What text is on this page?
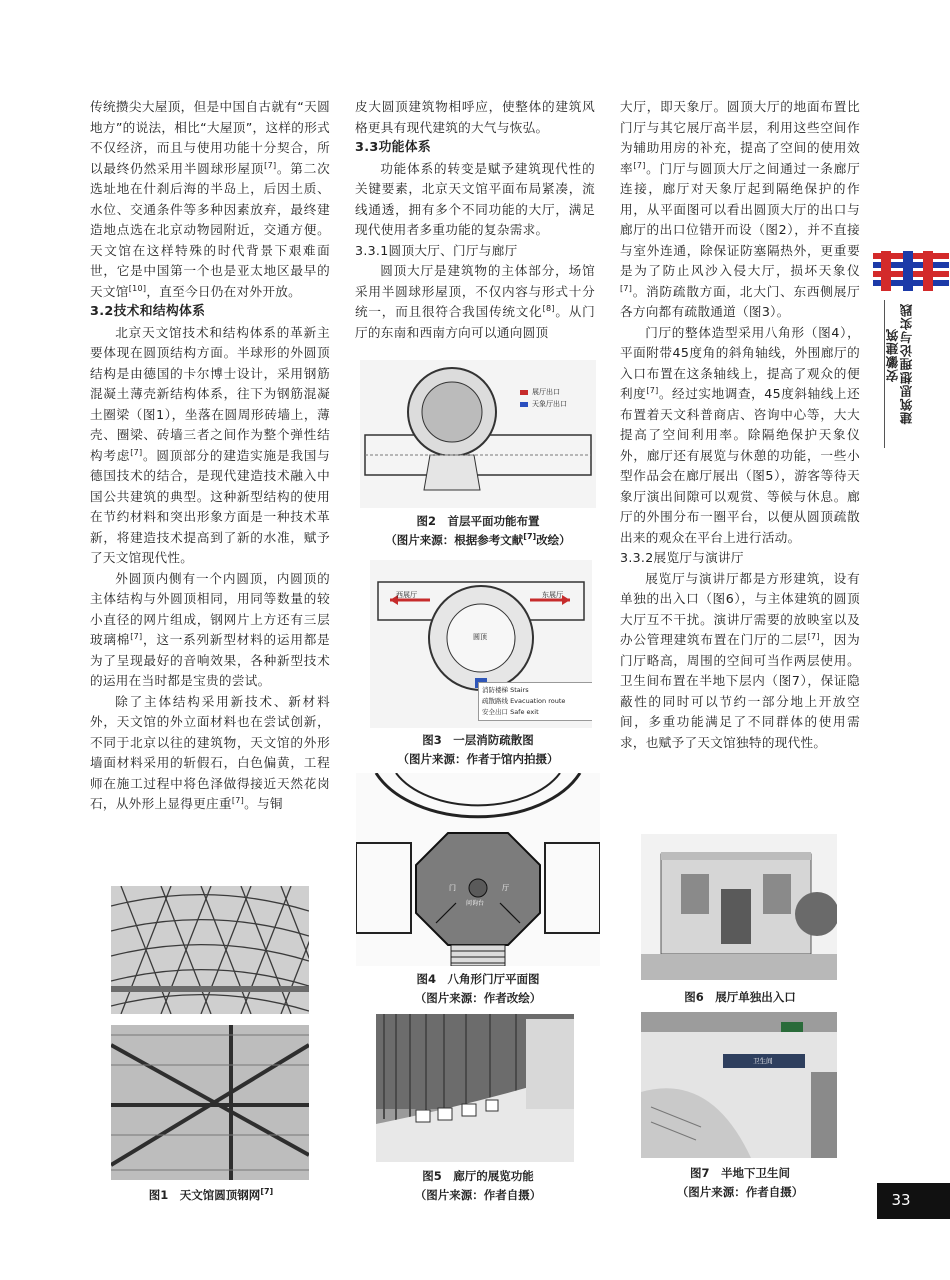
传统攒尖大屋顶，但是中国自古就有“天圆地方”的说法，相比“大屋顶”，这样的形式不仅经济，而且与使用功能十分契合，所以最终仍然采用半圆球形屋顶[7]。第二次选址地在什刹后海的半岛上，后因土质、水位、交通条件等多种因素放弃，最终建造地点选在北京动物园附近，交通方便。天文馆在这样特殊的时代背景下艰难面世，它是中国第一个也是亚太地区最早的天文馆[10]，直至今日仍在对外开放。

3.2技术和结构体系

北京天文馆技术和结构体系的革新主要体现在圆顶结构方面。半球形的外圆顶结构是由德国的卡尔博士设计，采用钢筋混凝土薄壳新结构体系，往下为钢筋混凝土圈梁（图1），坐落在圆周形砖墙上，薄壳、圈梁、砖墙三者之间作为整个弹性结构考虑[7]。圆顶部分的建造实施是我国与德国技术的结合，是现代建造技术融入中国公共建筑的典型。这种新型结构的使用在节约材料和突出形象方面是一种技术革新，将建造技术提高到了新的水准，赋予了天文馆现代性。

外圆顶内侧有一个内圆顶，内圆顶的主体结构与外圆顶相同，用同等数量的较小直径的网片组成，钢网片上方还有三层玻璃棉[7]，这一系列新型材料的运用都是为了呈现最好的音响效果，各种新型技术的运用在当时都是宝贵的尝试。

除了主体结构采用新技术、新材料外，天文馆的外立面材料也在尝试创新，不同于北京以往的建筑物，天文馆的外形墙面材料采用的斩假石，白色偏黄，工程师在施工过程中将色泽做得接近天然花岗石，从外形上显得更庄重[7]。与铜

皮大圆顶建筑物相呼应，使整体的建筑风格更具有现代建筑的大气与恢弘。

3.3功能体系

功能体系的转变是赋予建筑现代性的关键要素，北京天文馆平面布局紧凑，流线通透，拥有多个不同功能的大厅，满足现代使用者多重功能的复杂需求。

3.3.1圆顶大厅、门厅与廊厅

圆顶大厅是建筑物的主体部分，场馆采用半圆球形屋顶，不仅内容与形式十分统一，而且很符合我国传统文化[8]。从门厅的东南和西南方向可以通向圆顶

大厅，即天象厅。圆顶大厅的地面布置比门厅与其它展厅高半层，利用这些空间作为辅助用房的补充，提高了空间的使用效率[7]。门厅与圆顶大厅之间通过一条廊厅连接，廊厅对天象厅起到隔绝保护的作用，从平面图可以看出圆顶大厅的出口与廊厅的出口位错开而设（图2），并不直接与室外连通，除保证防塞隔热外，更重要是为了防止风沙入侵大厅，损坏天象仪[7]。消防疏散方面，北大门、东西侧展厅各方向都有疏散通道（图3）。

门厅的整体造型采用八角形（图4），平面附带45度角的斜角轴线，外围廊厅的入口布置在这条轴线上，提高了观众的便利度[7]。经过实地调查，45度斜轴线上还布置着天文科普商店、咨询中心等，大大提高了空间利用率。除隔绝保护天象仪外，廊厅还有展览与休憩的功能，一些小型作品会在廊厅展出（图5），游客等待天象厅演出间隙可以观赏、等候与休息。廊厅的外围分布一圈平台，以便从圆顶疏散出来的观众在平台上进行活动。

3.3.2展览厅与演讲厅

展览厅与演讲厅都是方形建筑，设有单独的出入口（图6），与主体建筑的圆顶大厅互不干扰。演讲厅需要的放映室以及办公管理建筑布置在门厅的二层[7]，因为门厅略高，周围的空间可当作两层使用。卫生间布置在半地下层内（图7），保证隐蔽性的同时可以节约一部分地上开放空间，多重功能满足了不同群体的使用需求，也赋予了天文馆独特的现代性。

建筑思想理论与实践
安徽建筑
图1　天文馆圆顶钢网[7]
展厅出口
天象厅出口
图2　首层平面功能布置
（图片来源：根据参考文献[7]改绘）
西展厅	东展厅
圆顶
消防楼梯 Stairs
疏散路线 Evacuation route
安全出口 Safe exit
图3　一层消防疏散图
（图片来源：作者于馆内拍摄）
门
问询台
厅
图4　八角形门厅平面图
（图片来源：作者改绘）
图5　廊厅的展览功能
（图片来源：作者自摄）
图6　展厅单独出入口
卫生间
图7　半地下卫生间
（图片来源：作者自摄）	33
